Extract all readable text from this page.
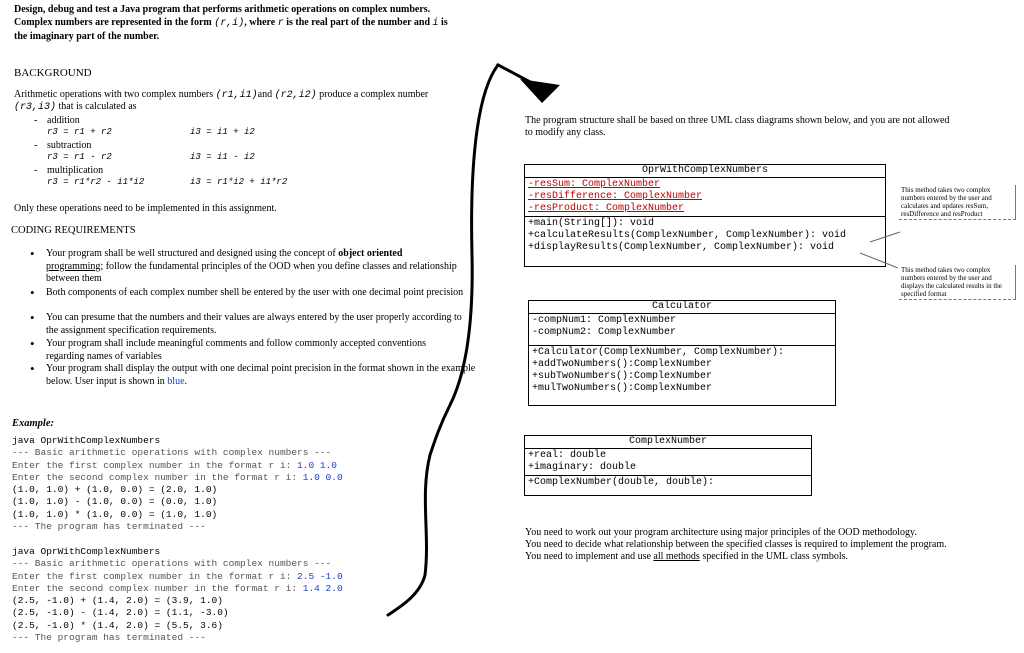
Design, debug and test a Java program that performs arithmetic operations on complex numbers.
Complex numbers are represented in the form (r,i), where r is the real part of the number and i is
the imaginary part of the number.
BACKGROUND
Arithmetic operations with two complex numbers (r1,i1)and (r2,i2) produce a complex number
(r3,i3) that is calculated as
- addition
r3 = r1 + r2	i3 = i1 + i2
- subtraction
r3 = r1 - r2	i3 = i1 - i2
- multiplication
r3 = r1*r2 - i1*i2	i3 = r1*i2 + i1*r2
Only these operations need to be implemented in this assignment.
CODING REQUIREMENTS
• Your program shall be well structured and designed using the concept of object oriented
programming; follow the fundamental principles of the OOD when you define classes and relationship between them
• Both components of each complex number shell be entered by the user with one decimal point precision
• You can presume that the numbers and their values are always entered by the user properly according to the assignment specification requirements.
• Your program shall include meaningful comments and follow commonly accepted conventions regarding names of variables
• Your program shall display the output with one decimal point precision in the format shown in the example below. User input is shown in blue.
Example:
java OprWithComplexNumbers
--- Basic arithmetic operations with complex numbers ---
Enter the first complex number in the format r i: 1.0 1.0
Enter the second complex number in the format r i: 1.0 0.0
(1.0, 1.0) + (1.0, 0.0) = (2.0, 1.0)
(1.0, 1.0) - (1.0, 0.0) = (0.0, 1.0)
(1.0, 1.0) * (1.0, 0.0) = (1.0, 1.0)
--- The program has terminated ---
java OprWithComplexNumbers
--- Basic arithmetic operations with complex numbers ---
Enter the first complex number in the format r i: 2.5 -1.0
Enter the second complex number in the format r i: 1.4 2.0
(2.5, -1.0) + (1.4, 2.0) = (3.9, 1.0)
(2.5, -1.0) - (1.4, 2.0) = (1.1, -3.0)
(2.5, -1.0) * (1.4, 2.0) = (5.5, 3.6)
--- The program has terminated ---
The program structure shall be based on three UML class diagrams shown below, and you are not allowed
to modify any class.
OprWithComplexNumbers
-resSum: ComplexNumber
-resDifference: ComplexNumber
-resProduct: ComplexNumber
+main(String[]): void
+calculateResults(ComplexNumber, ComplexNumber): void
+displayResults(ComplexNumber, ComplexNumber): void
This method takes two complex numbers entered by the user and calculates and updates resSum, resDifference and resProduct
This method takes two complex numbers entered by the user and displays the calculated results in the specified format
Calculator
-compNum1: ComplexNumber
-compNum2: ComplexNumber
+Calculator(ComplexNumber, ComplexNumber):
+addTwoNumbers():ComplexNumber
+subTwoNumbers():ComplexNumber
+mulTwoNumbers():ComplexNumber
ComplexNumber
+real: double
+imaginary: double
+ComplexNumber(double, double):
You need to work out your program architecture using major principles of the OOD methodology.
You need to decide what relationship between the specified classes is required to implement the program.
You need to implement and use all methods specified in the UML class symbols.
